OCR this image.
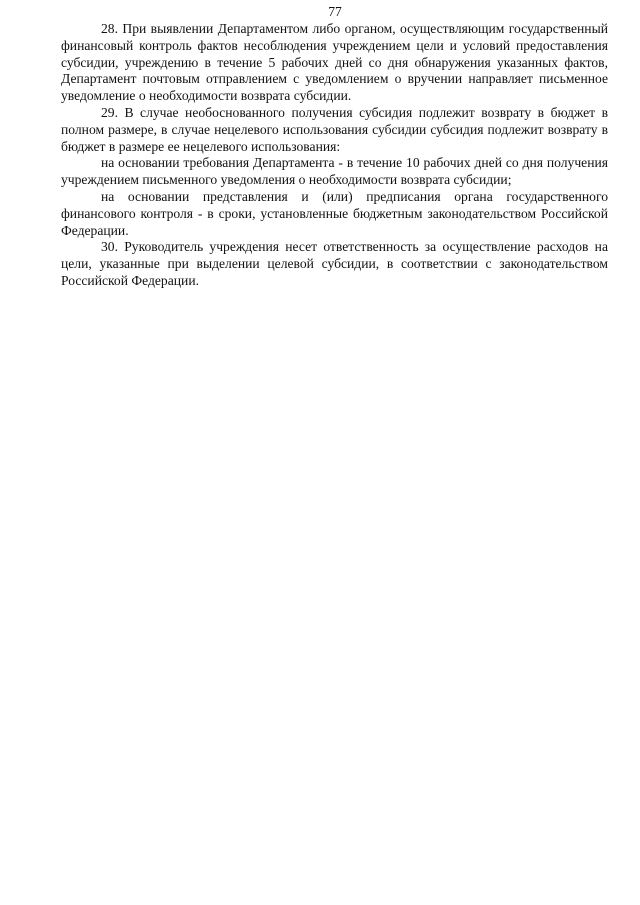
77

28. При выявлении Департаментом либо органом, осуществляющим государственный финансовый контроль фактов несоблюдения учреждением цели и условий предоставления субсидии, учреждению в течение 5 рабочих дней со дня обнаружения указанных фактов, Департамент почтовым отправлением с уведомлением о вручении направляет письменное уведомление о необходимости возврата субсидии.

29. В случае необоснованного получения субсидия подлежит возврату в бюджет в полном размере, в случае нецелевого использования субсидии субсидия подлежит возврату в бюджет в размере ее нецелевого использования:

на основании требования Департамента - в течение 10 рабочих дней со дня получения учреждением письменного уведомления о необходимости возврата субсидии;

на основании представления и (или) предписания органа государственного финансового контроля - в сроки, установленные бюджетным законодательством Российской Федерации.

30. Руководитель учреждения несет ответственность за осуществление расходов на цели, указанные при выделении целевой субсидии, в соответствии с законодательством Российской Федерации.
